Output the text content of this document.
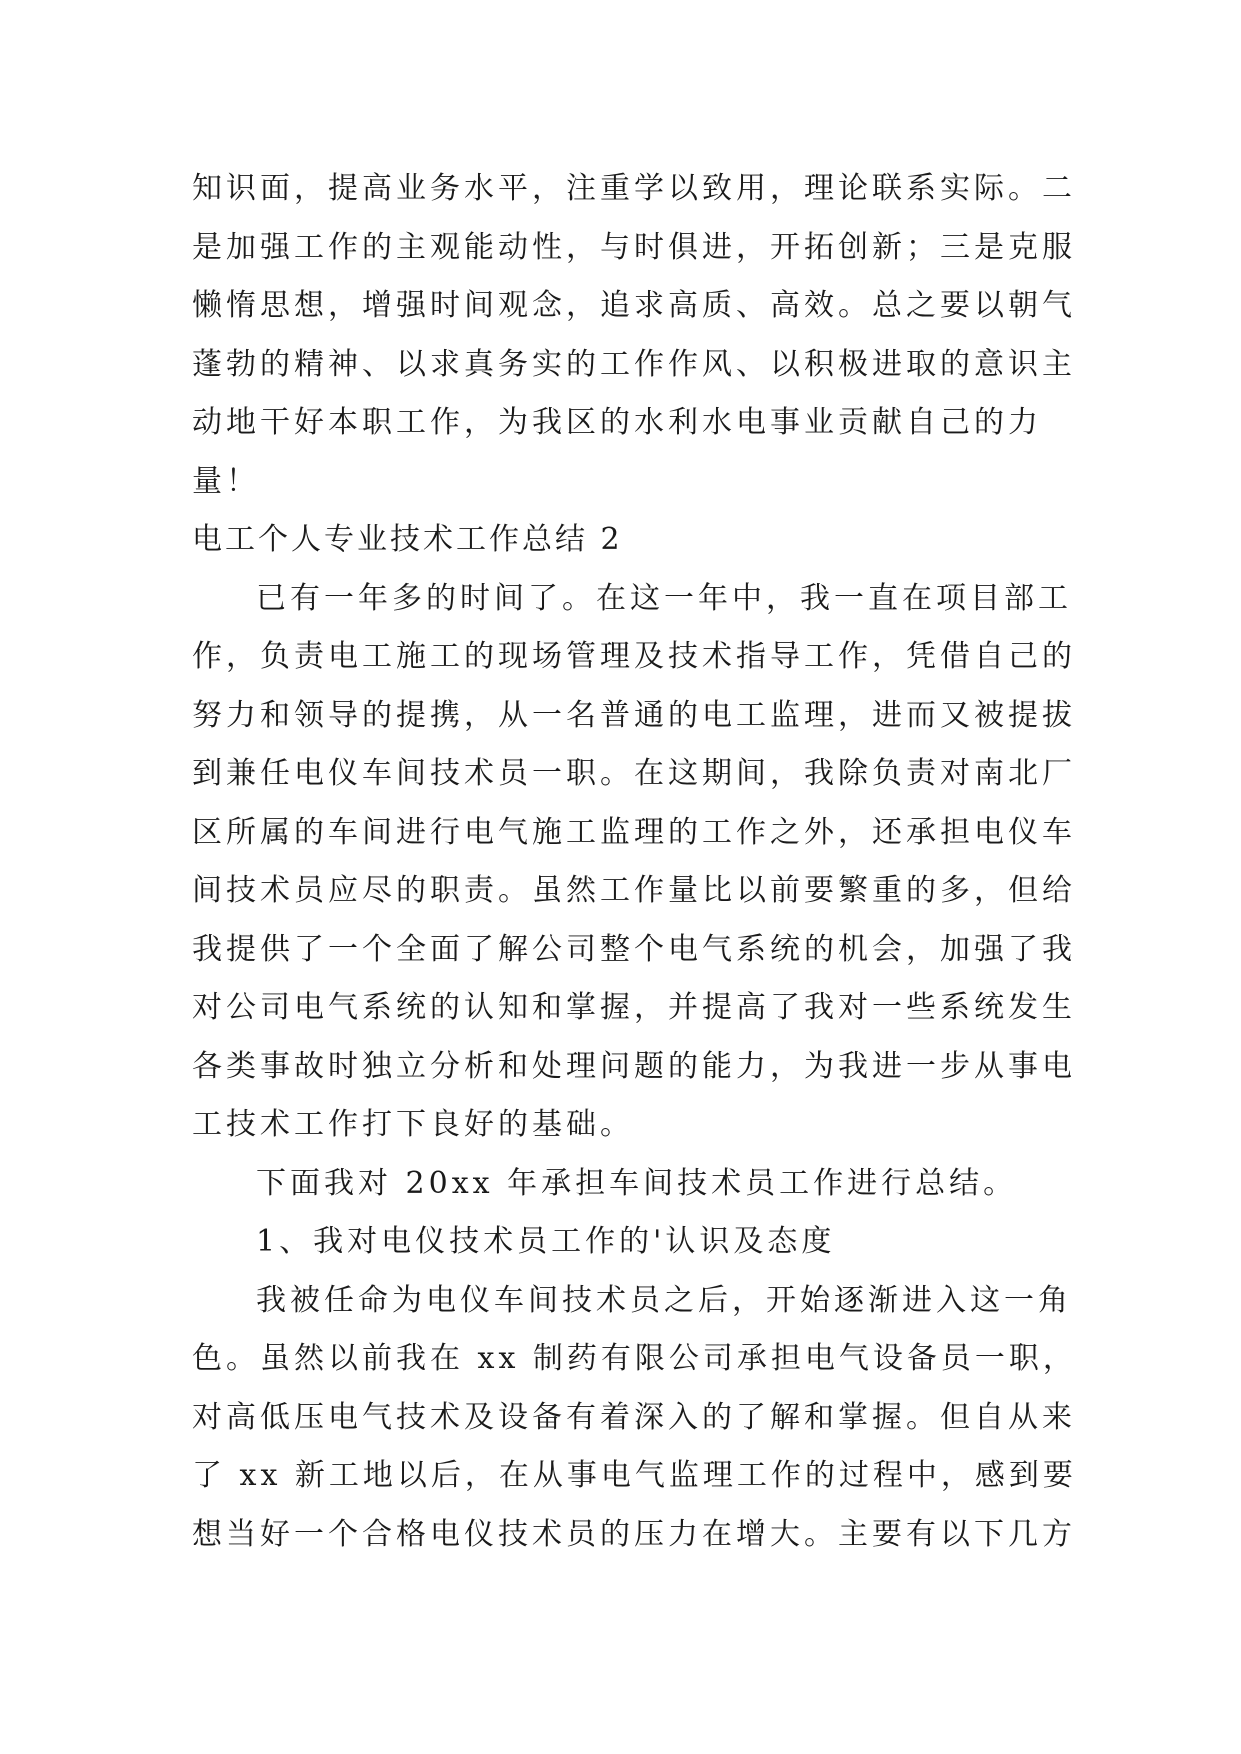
知识面，提高业务水平，注重学以致用，理论联系实际。二
是加强工作的主观能动性，与时俱进，开拓创新；三是克服
懒惰思想，增强时间观念，追求高质、高效。总之要以朝气
蓬勃的精神、以求真务实的工作作风、以积极进取的意识主
动地干好本职工作，为我区的水利水电事业贡献自己的力
量！
电工个人专业技术工作总结 2
已有一年多的时间了。在这一年中，我一直在项目部工
作，负责电工施工的现场管理及技术指导工作，凭借自己的
努力和领导的提携，从一名普通的电工监理，进而又被提拔
到兼任电仪车间技术员一职。在这期间，我除负责对南北厂
区所属的车间进行电气施工监理的工作之外，还承担电仪车
间技术员应尽的职责。虽然工作量比以前要繁重的多，但给
我提供了一个全面了解公司整个电气系统的机会，加强了我
对公司电气系统的认知和掌握，并提高了我对一些系统发生
各类事故时独立分析和处理问题的能力，为我进一步从事电
工技术工作打下良好的基础。
下面我对 20xx 年承担车间技术员工作进行总结。
1、我对电仪技术员工作的'认识及态度
我被任命为电仪车间技术员之后，开始逐渐进入这一角
色。虽然以前我在 xx 制药有限公司承担电气设备员一职，
对高低压电气技术及设备有着深入的了解和掌握。但自从来
了 xx 新工地以后，在从事电气监理工作的过程中，感到要
想当好一个合格电仪技术员的压力在增大。主要有以下几方
